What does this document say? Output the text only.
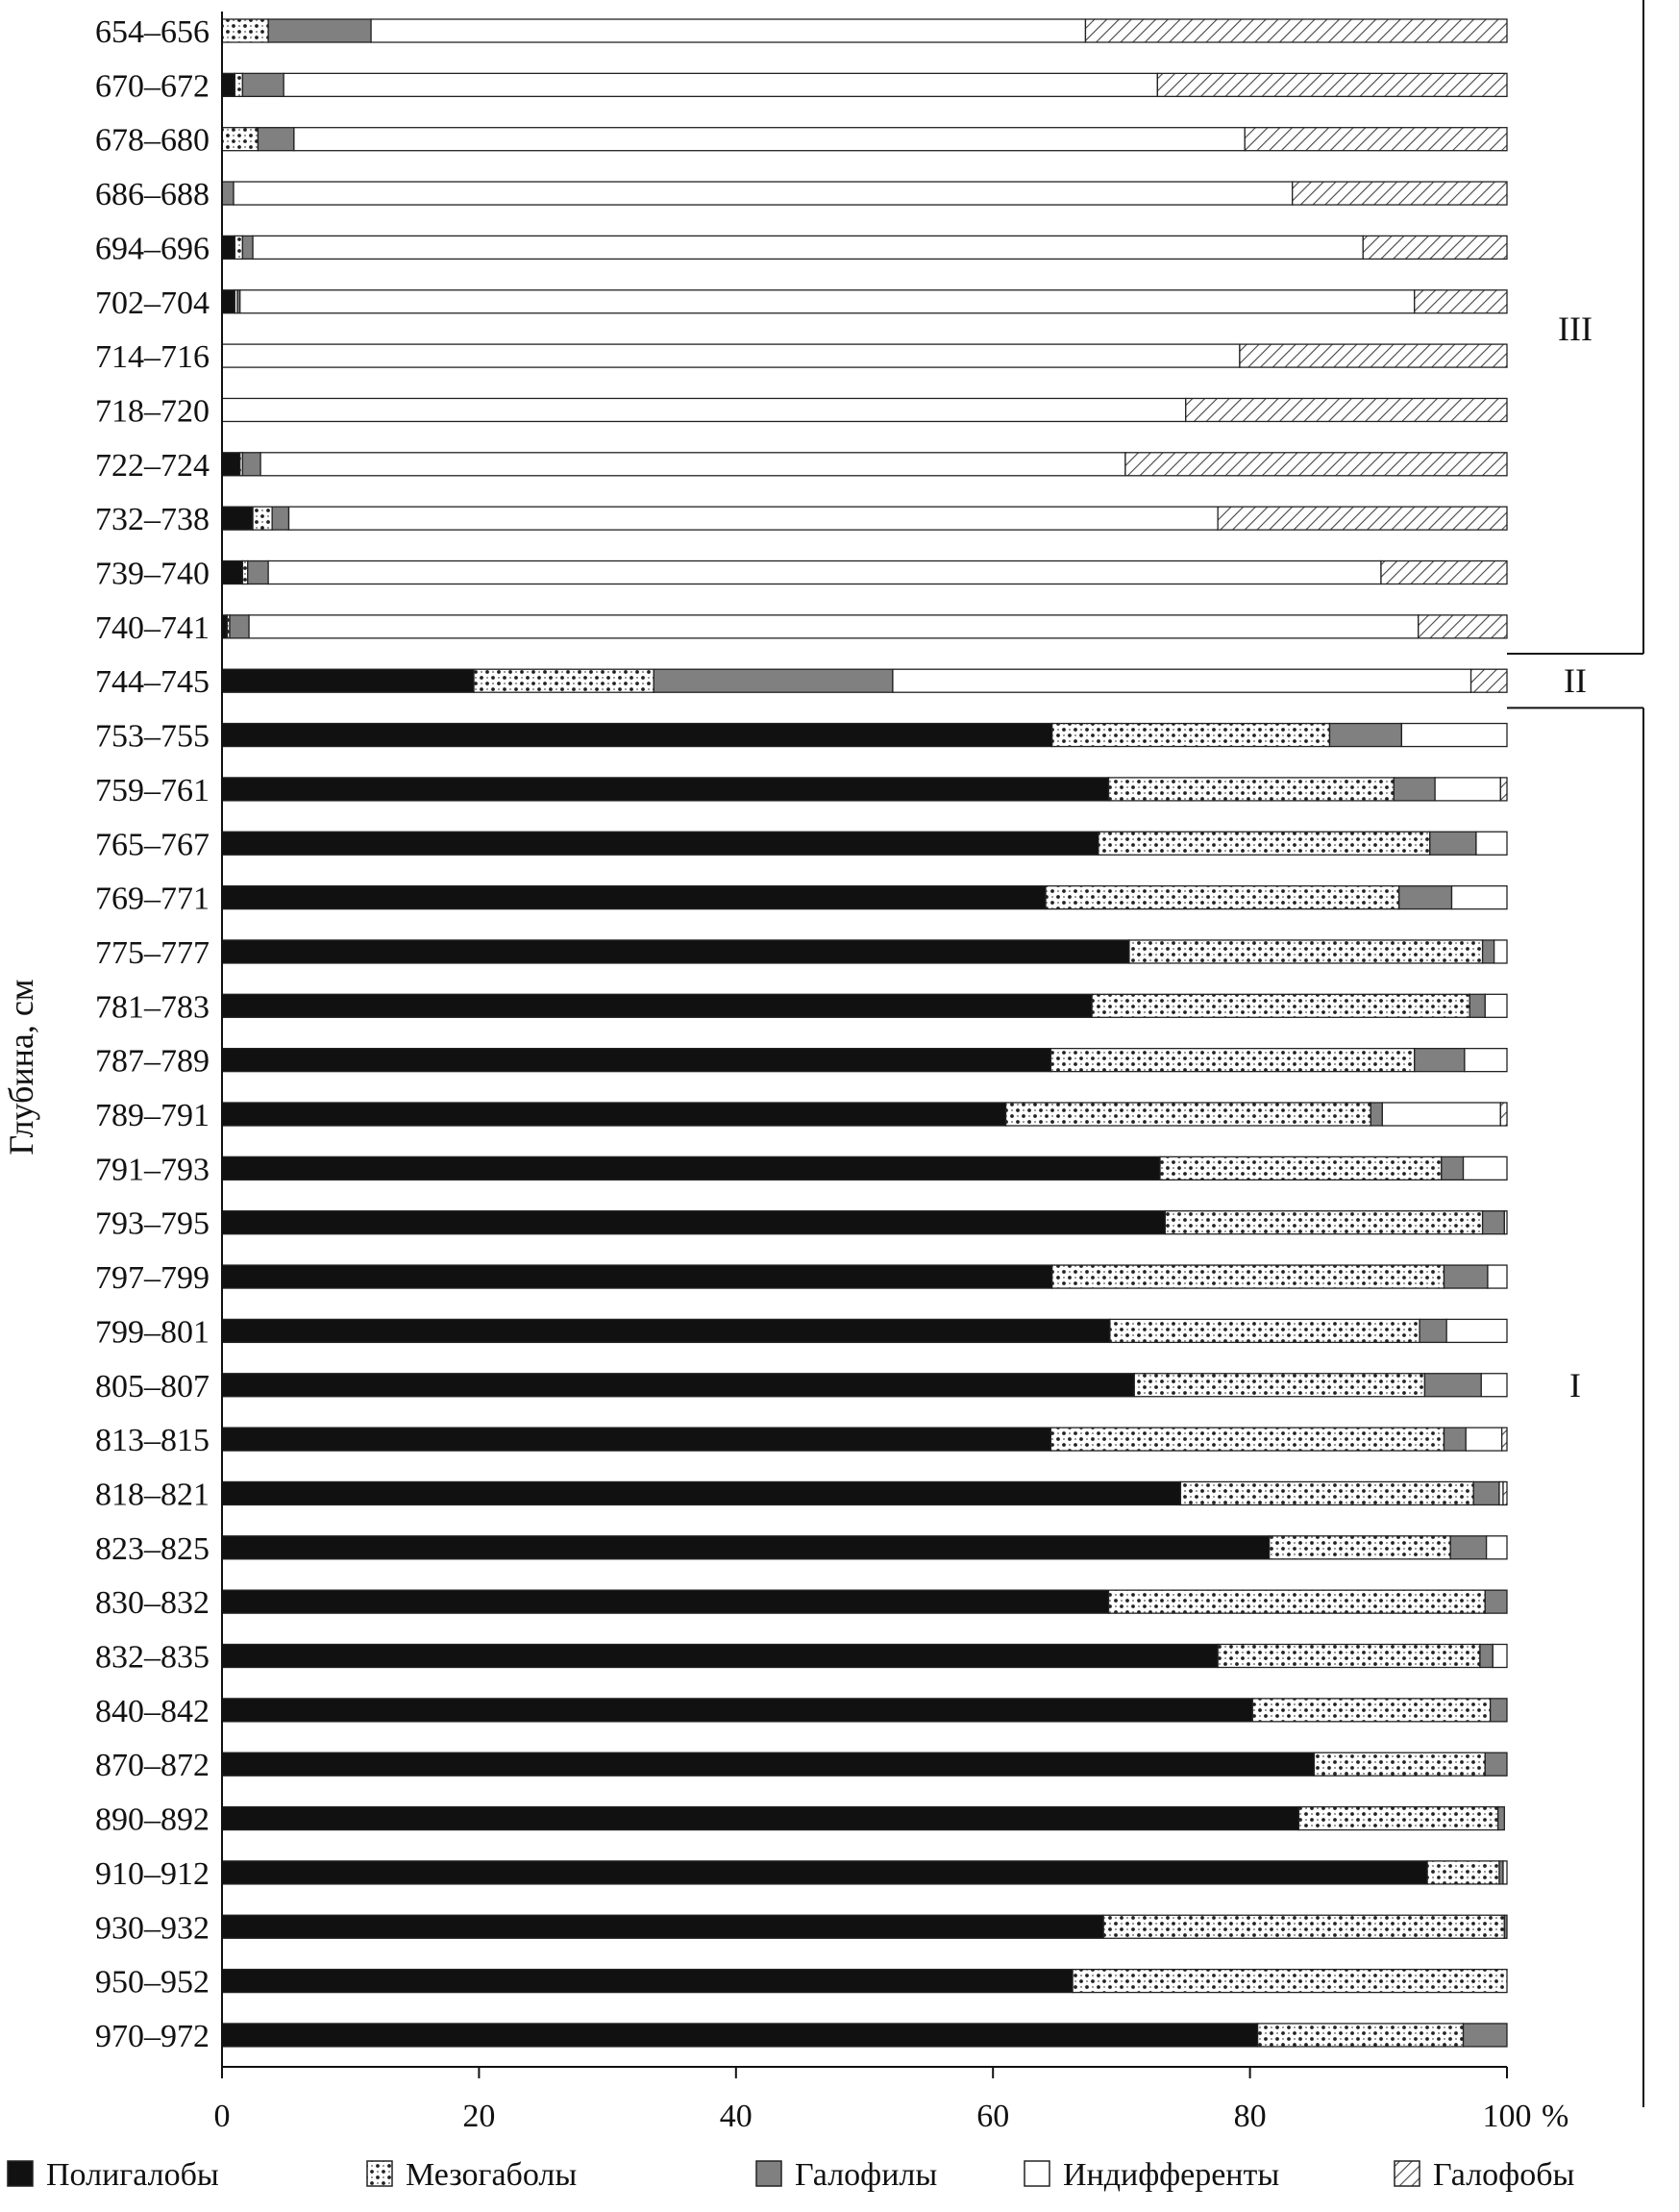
Глубина, см
654–656
670–672
678–680
686–688
694–696
702–704
714–716
718–720
722–724
732–738
739–740
740–741
744–745
753–755
759–761
765–767
769–771
775–777
781–783
787–789
789–791
791–793
793–795
797–799
799–801
805–807
813–815
818–821
823–825
830–832
832–835
840–842
870–872
890–892
910–912
930–932
950–952
970–972
0	20	40	60	80	100 %
III
II
I
Полигалобы	Мезогаболы	Галофилы	Индифференты	Галофобы
